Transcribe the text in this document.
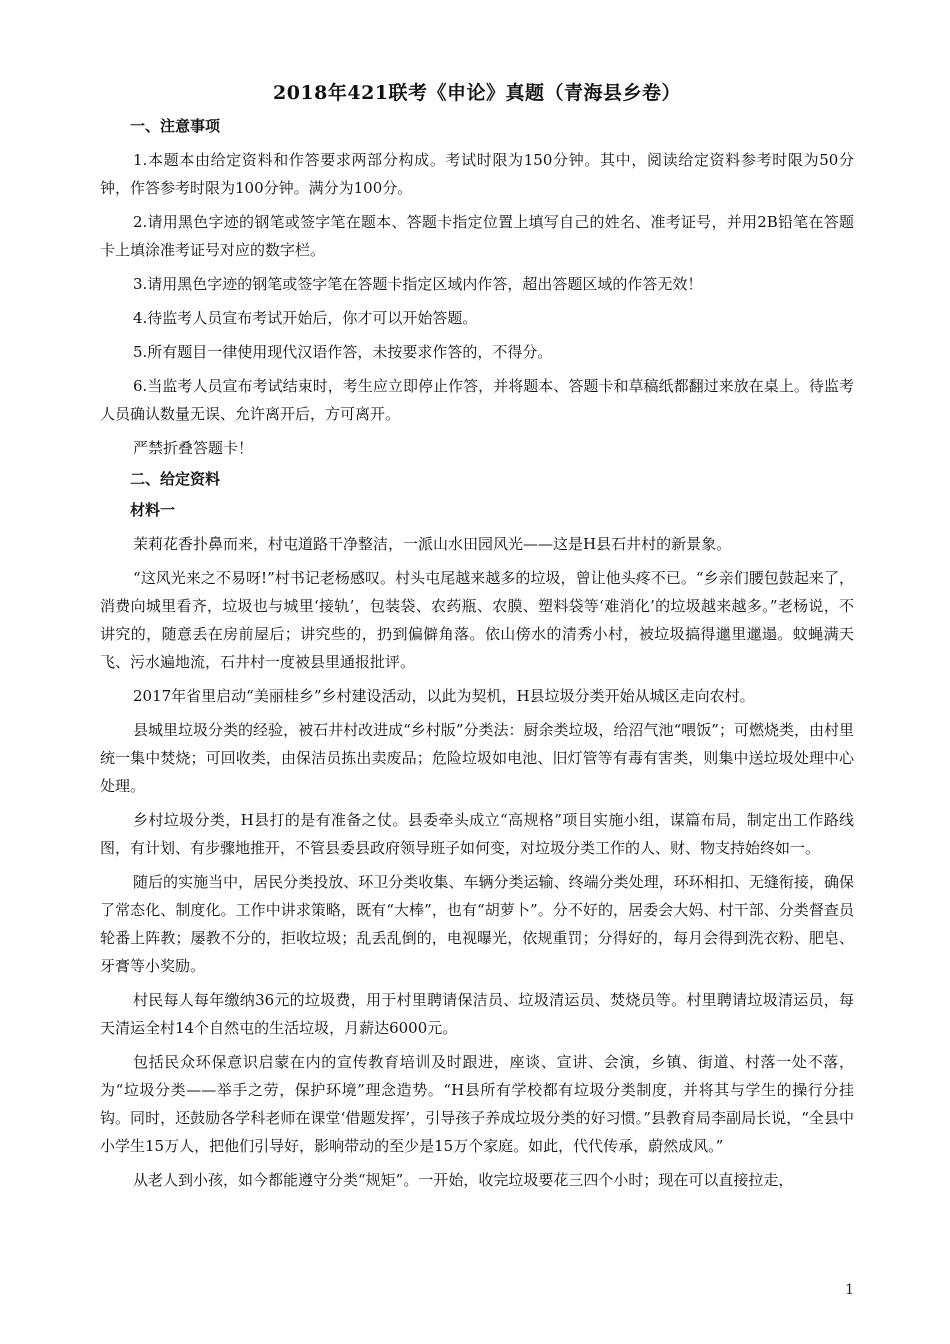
2018年421联考《申论》真题（青海县乡卷）
一、注意事项

1.本题本由给定资料和作答要求两部分构成。考试时限为150分钟。其中，阅读给定资料参考时限为50分钟，作答参考时限为100分钟。满分为100分。

2.请用黑色字迹的钢笔或签字笔在题本、答题卡指定位置上填写自己的姓名、准考证号，并用2B铅笔在答题卡上填涂准考证号对应的数字栏。

3.请用黑色字迹的钢笔或签字笔在答题卡指定区域内作答，超出答题区域的作答无效！

4.待监考人员宣布考试开始后，你才可以开始答题。

5.所有题目一律使用现代汉语作答，未按要求作答的，不得分。

6.当监考人员宣布考试结束时，考生应立即停止作答，并将题本、答题卡和草稿纸都翻过来放在桌上。待监考人员确认数量无误、允许离开后，方可离开。

严禁折叠答题卡！

二、给定资料
材料一

茉莉花香扑鼻而来，村屯道路干净整洁，一派山水田园风光——这是H县石井村的新景象。

“这风光来之不易呀!”村书记老杨感叹。村头屯尾越来越多的垃圾，曾让他头疼不已。“乡亲们腰包鼓起来了，消费向城里看齐，垃圾也与城里‘接轨’，包装袋、农药瓶、农膜、塑料袋等‘难消化’的垃圾越来越多。”老杨说，不讲究的，随意丢在房前屋后；讲究些的，扔到偏僻角落。依山傍水的清秀小村，被垃圾搞得邋里邋遢。蚊蝇满天飞、污水遍地流，石井村一度被县里通报批评。

2017年省里启动“美丽桂乡”乡村建设活动，以此为契机，H县垃圾分类开始从城区走向农村。

县城里垃圾分类的经验，被石井村改进成“乡村版”分类法：厨余类垃圾，给沼气池“喂饭”；可燃烧类，由村里统一集中焚烧；可回收类，由保洁员拣出卖废品；危险垃圾如电池、旧灯管等有毒有害类，则集中送垃圾处理中心处理。

乡村垃圾分类，H县打的是有准备之仗。县委牵头成立“高规格”项目实施小组，谋篇布局，制定出工作路线图，有计划、有步骤地推开，不管县委县政府领导班子如何变，对垃圾分类工作的人、财、物支持始终如一。

随后的实施当中，居民分类投放、环卫分类收集、车辆分类运输、终端分类处理，环环相扣、无缝衔接，确保了常态化、制度化。工作中讲求策略，既有“大棒”，也有“胡萝卜”。分不好的，居委会大妈、村干部、分类督查员轮番上阵教；屡教不分的，拒收垃圾；乱丢乱倒的，电视曝光，依规重罚；分得好的，每月会得到洗衣粉、肥皂、牙膏等小奖励。

村民每人每年缴纳36元的垃圾费，用于村里聘请保洁员、垃圾清运员、焚烧员等。村里聘请垃圾清运员，每天清运全村14个自然屯的生活垃圾，月薪达6000元。

包括民众环保意识启蒙在内的宣传教育培训及时跟进，座谈、宣讲、会演，乡镇、街道、村落一处不落，为“垃圾分类——举手之劳，保护环境”理念造势。“H县所有学校都有垃圾分类制度，并将其与学生的操行分挂钩。同时，还鼓励各学科老师在课堂‘借题发挥’，引导孩子养成垃圾分类的好习惯。”县教育局李副局长说，“全县中小学生15万人，把他们引导好，影响带动的至少是15万个家庭。如此，代代传承，蔚然成风。”

从老人到小孩，如今都能遵守分类“规矩”。一开始，收完垃圾要花三四个小时；现在可以直接拉走，

1
